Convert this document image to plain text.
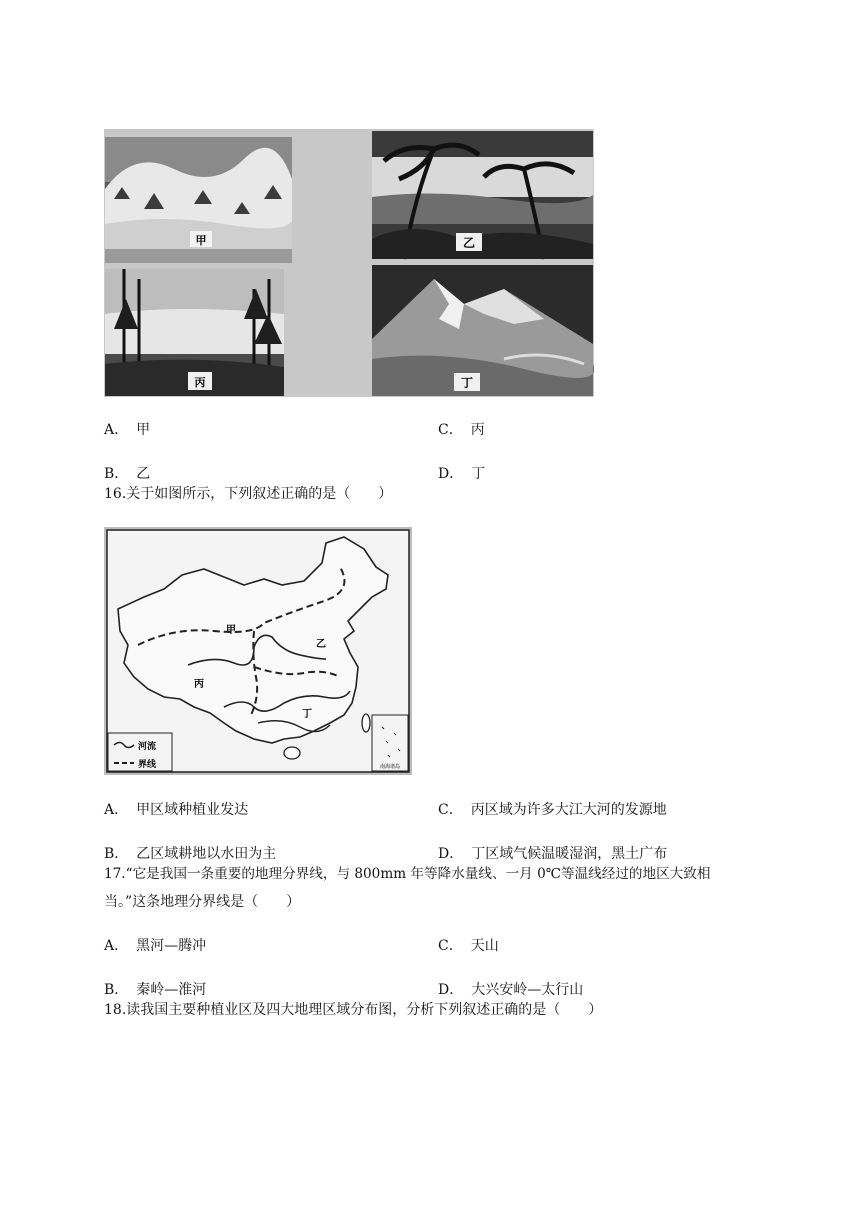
甲	乙
丙	丁
A． 甲	C． 丙
B． 乙	D． 丁
16.关于如图所示，下列叙述正确的是（　　）
甲
乙
丙
丁
河流
界线	南海诸岛
A． 甲区域种植业发达	C． 丙区域为许多大江大河的发源地
B． 乙区域耕地以水田为主	D． 丁区域气候温暖湿润，黑土广布
17.“它是我国一条重要的地理分界线，与 800mm 年等降水量线、一月 0℃等温线经过的地区大致相
当。”这条地理分界线是（　　）
A． 黑河—腾冲	C． 天山
B． 秦岭—淮河	D． 大兴安岭—太行山
18.读我国主要种植业区及四大地理区域分布图，分析下列叙述正确的是（　　）
